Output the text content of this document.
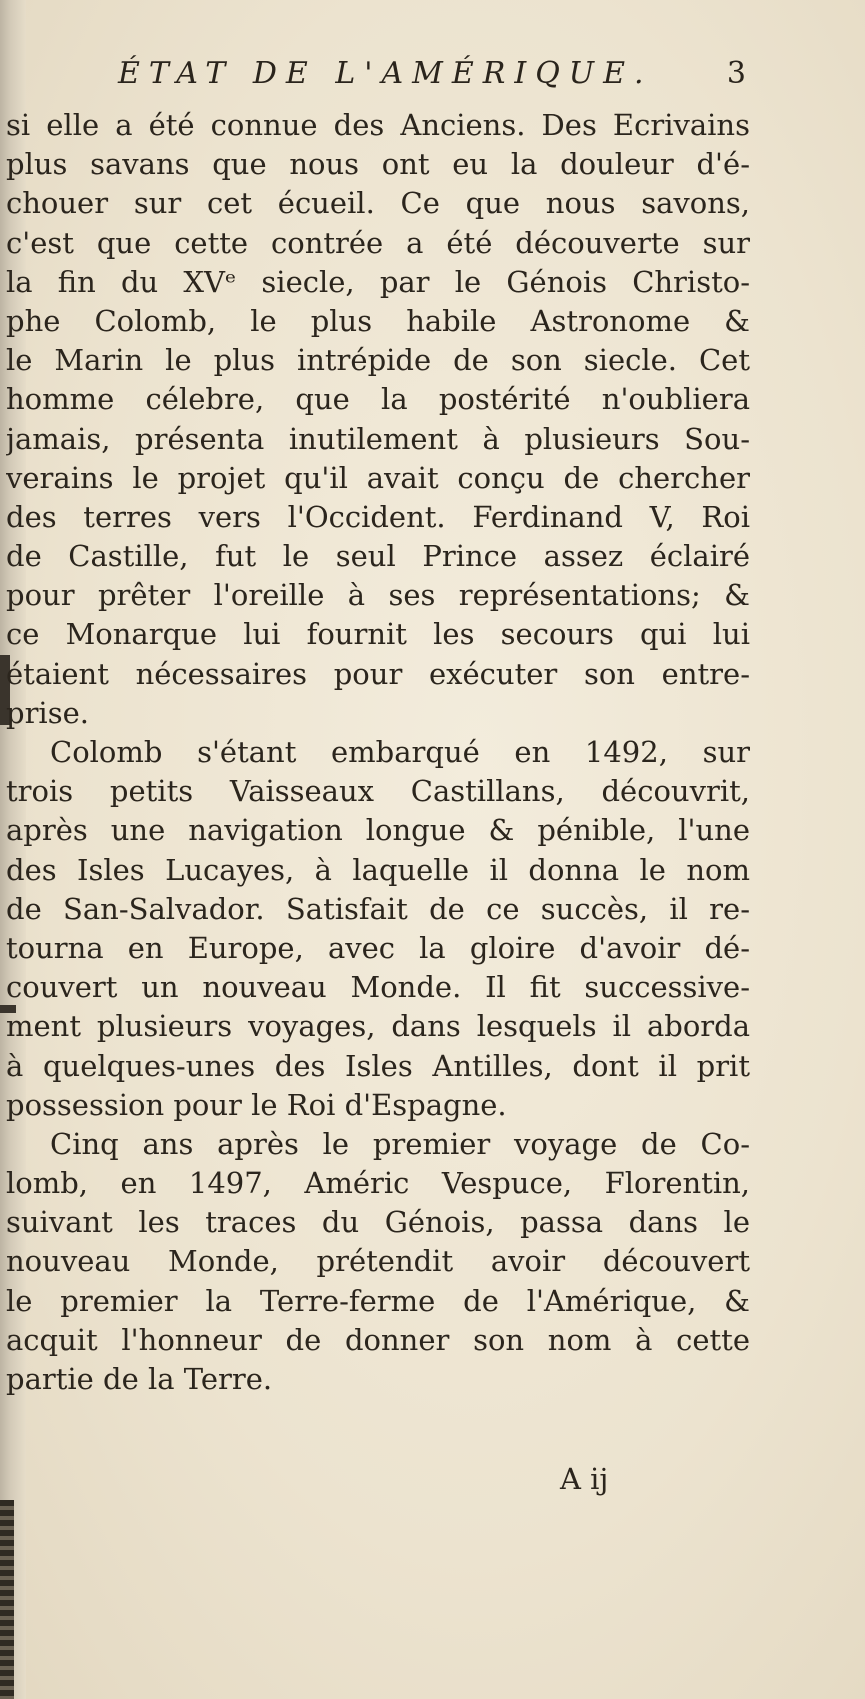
ÉTAT DE L'AMÉRIQUE.	3
si elle a été connue des Anciens. Des Ecrivains
plus savans que nous ont eu la douleur d'é-
chouer sur cet écueil. Ce que nous savons,
c'est que cette contrée a été découverte sur
la fin du XVᵉ siecle, par le Génois Christo-
phe Colomb, le plus habile Astronome &
le Marin le plus intrépide de son siecle. Cet
homme célebre, que la postérité n'oubliera
jamais, présenta inutilement à plusieurs Sou-
verains le projet qu'il avait conçu de chercher
des terres vers l'Occident. Ferdinand V, Roi
de Castille, fut le seul Prince assez éclairé
pour prêter l'oreille à ses représentations; &
ce Monarque lui fournit les secours qui lui
étaient nécessaires pour exécuter son entre-
prise.
Colomb s'étant embarqué en 1492, sur
trois petits Vaisseaux Castillans, découvrit,
après une navigation longue & pénible, l'une
des Isles Lucayes, à laquelle il donna le nom
de San-Salvador. Satisfait de ce succès, il re-
tourna en Europe, avec la gloire d'avoir dé-
couvert un nouveau Monde. Il fit successive-
ment plusieurs voyages, dans lesquels il aborda
à quelques-unes des Isles Antilles, dont il prit
possession pour le Roi d'Espagne.
Cinq ans après le premier voyage de Co-
lomb, en 1497, Améric Vespuce, Florentin,
suivant les traces du Génois, passa dans le
nouveau Monde, prétendit avoir découvert
le premier la Terre-ferme de l'Amérique, &
acquit l'honneur de donner son nom à cette
partie de la Terre.
A ij
